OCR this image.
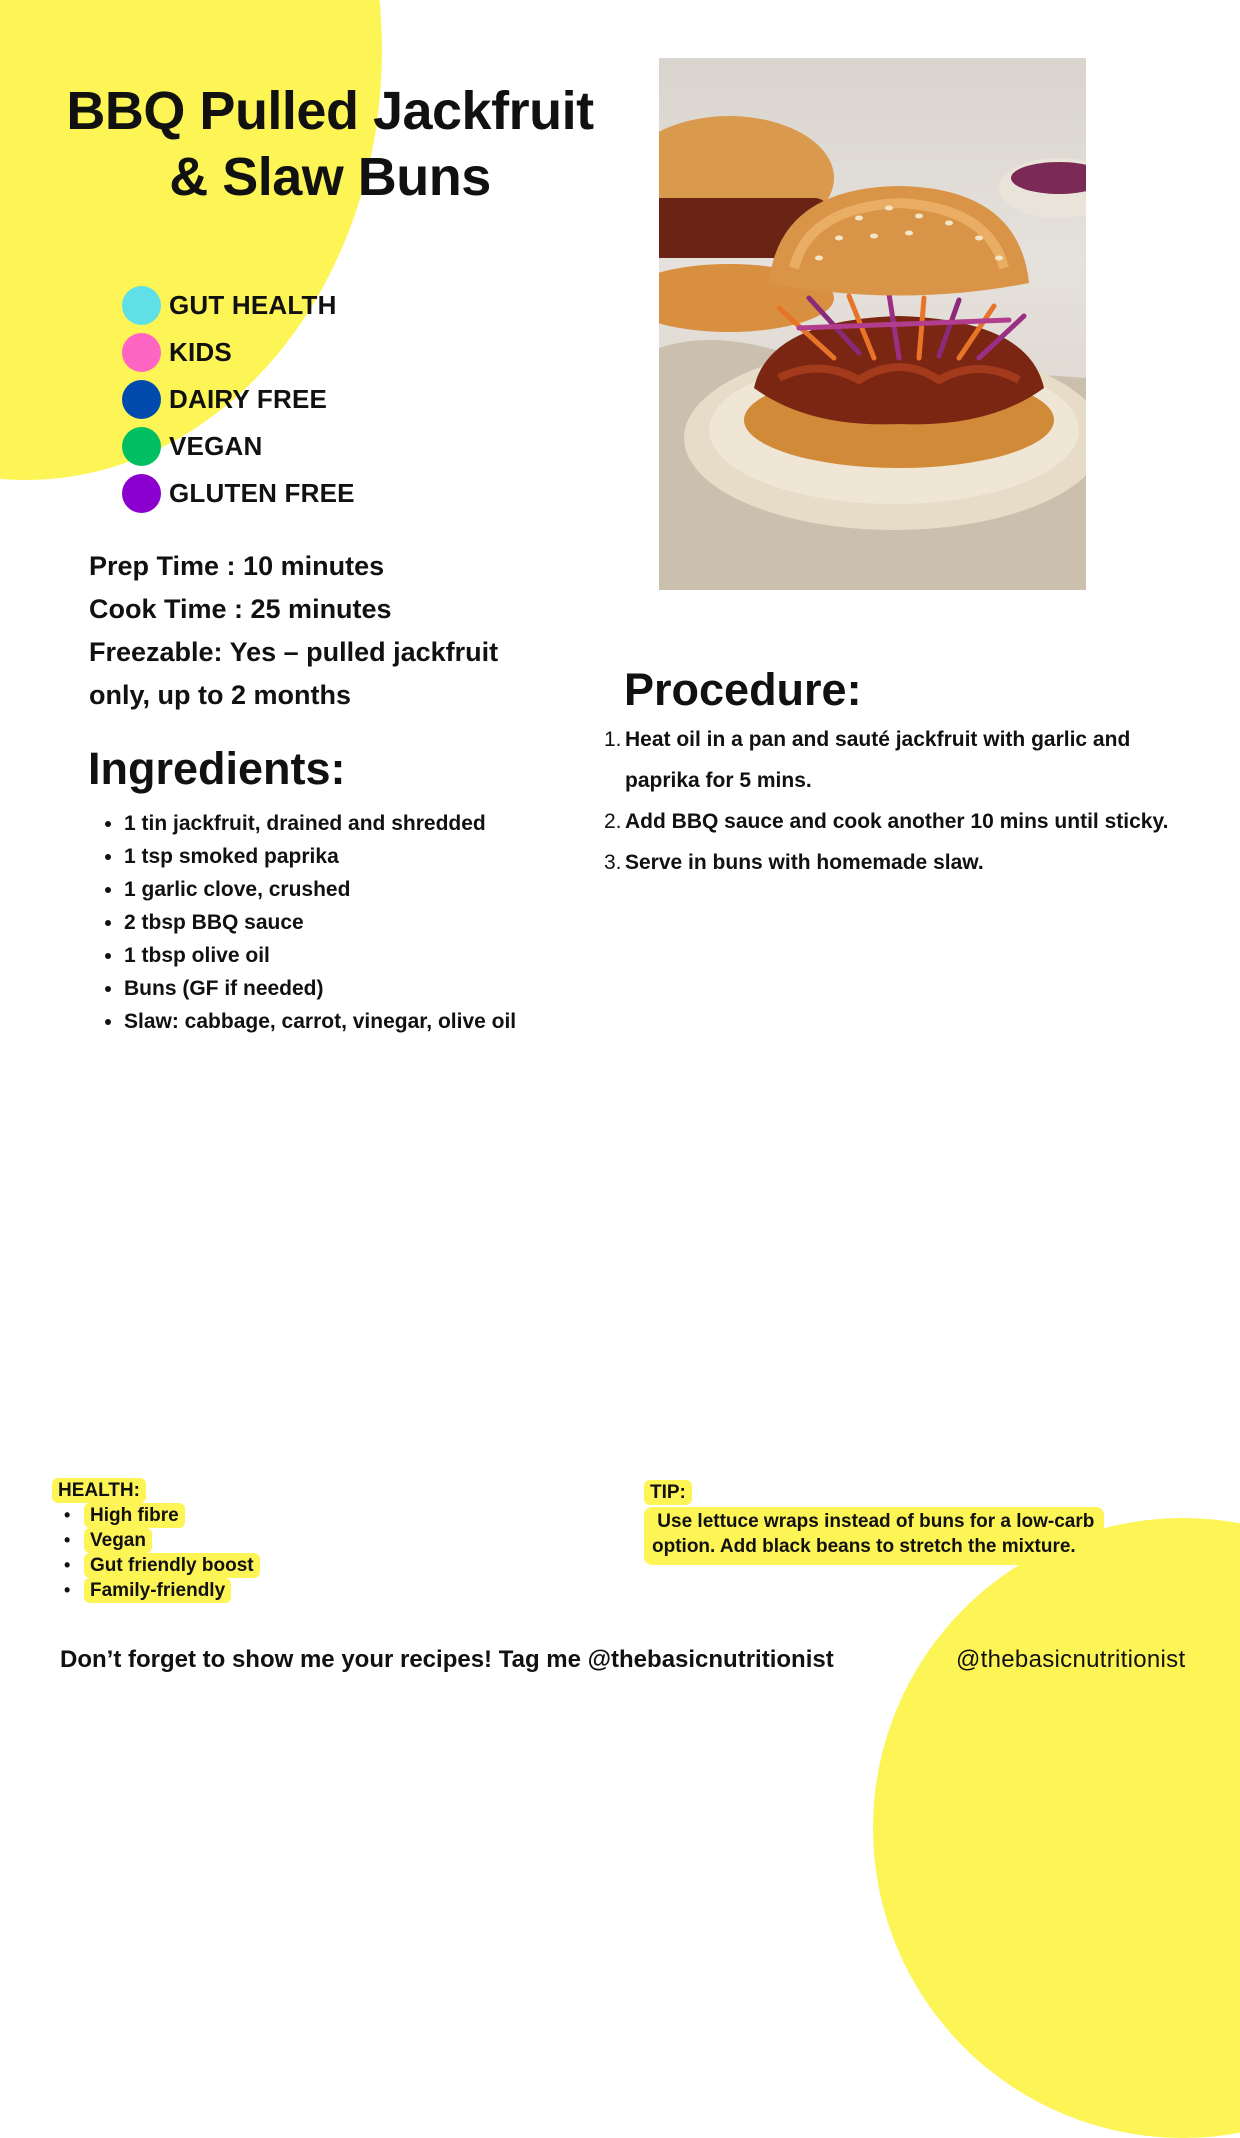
BBQ Pulled Jackfruit
& Slaw Buns
GUT HEALTH
KIDS
DAIRY FREE
VEGAN
GLUTEN FREE

Prep Time : 10 minutes

Cook Time : 25 minutes

Freezable: Yes – pulled jackfruit

only, up to 2 months

Ingredients:
• 1 tin jackfruit, drained and shredded
• 1 tsp smoked paprika
• 1 garlic clove, crushed
• 2 tbsp BBQ sauce
• 1 tbsp olive oil
• Buns (GF if needed)
• Slaw: cabbage, carrot, vinegar, olive oil
Procedure:
1. Heat oil in a pan and sauté jackfruit with garlic and
paprika for 5 mins.
2. Add BBQ sauce and cook another 10 mins until sticky.
3. Serve in buns with homemade slaw.
HEALTH:
•	High fibre
•	Vegan
•	Gut friendly boost
•	Family-friendly
TIP:
Use lettuce wraps instead of buns for a low-carb
option. Add black beans to stretch the mixture.
Don’t forget to show me your recipes! Tag me @thebasicnutritionist	@thebasicnutritionist
